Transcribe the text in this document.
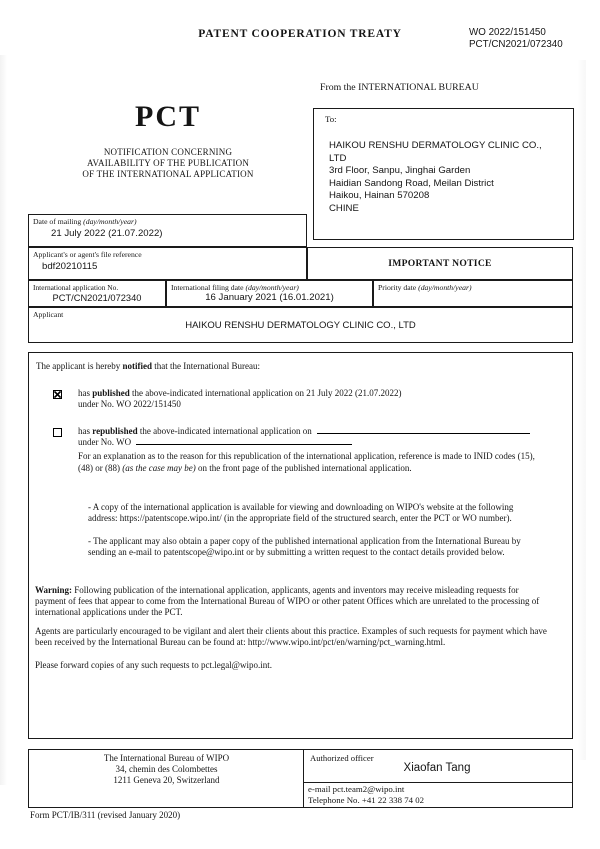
PATENT COOPERATION TREATY	WO 2022/151450
PCT/CN2021/072340
From the INTERNATIONAL BUREAU
PCT
NOTIFICATION CONCERNING
AVAILABILITY OF THE PUBLICATION
OF THE INTERNATIONAL APPLICATION
To:
HAIKOU RENSHU DERMATOLOGY CLINIC CO.,
LTD
3rd Floor, Sanpu, Jinghai Garden
Haidian Sandong Road, Meilan District
Haikou, Hainan 570208
CHINE
Date of mailing (day/month/year)
21 July 2022 (21.07.2022)
Applicant's or agent's file reference
bdf20210115	IMPORTANT NOTICE
International application No.
PCT/CN2021/072340
International filing date (day/month/year)
16 January 2021 (16.01.2021)
Priority date (day/month/year)
Applicant
HAIKOU RENSHU DERMATOLOGY CLINIC CO., LTD
The applicant is hereby notified that the International Bureau:
has published the above-indicated international application on 21 July 2022 (21.07.2022)
under No. WO 2022/151450
has republished the above-indicated international application on
under No. WO
For an explanation as to the reason for this republication of the international application, reference is made to INID codes (15),
(48) or (88) (as the case may be) on the front page of the published international application.
- A copy of the international application is available for viewing and downloading on WIPO's website at the following
address: https://patentscope.wipo.int/ (in the appropriate field of the structured search, enter the PCT or WO number).
- The applicant may also obtain a paper copy of the published international application from the International Bureau by
sending an e-mail to patentscope@wipo.int or by submitting a written request to the contact details provided below.
Warning: Following publication of the international application, applicants, agents and inventors may receive misleading requests for
payment of fees that appear to come from the International Bureau of WIPO or other patent Offices which are unrelated to the processing of
international applications under the PCT.
Agents are particularly encouraged to be vigilant and alert their clients about this practice. Examples of such requests for payment which have
been received by the International Bureau can be found at: http://www.wipo.int/pct/en/warning/pct_warning.html.
Please forward copies of any such requests to pct.legal@wipo.int.
The International Bureau of WIPO
34, chemin des Colombettes
1211 Geneva 20, Switzerland
Authorized officer
Xiaofan Tang
e-mail pct.team2@wipo.int
Telephone No. +41 22 338 74 02
Form PCT/IB/311 (revised January 2020)
